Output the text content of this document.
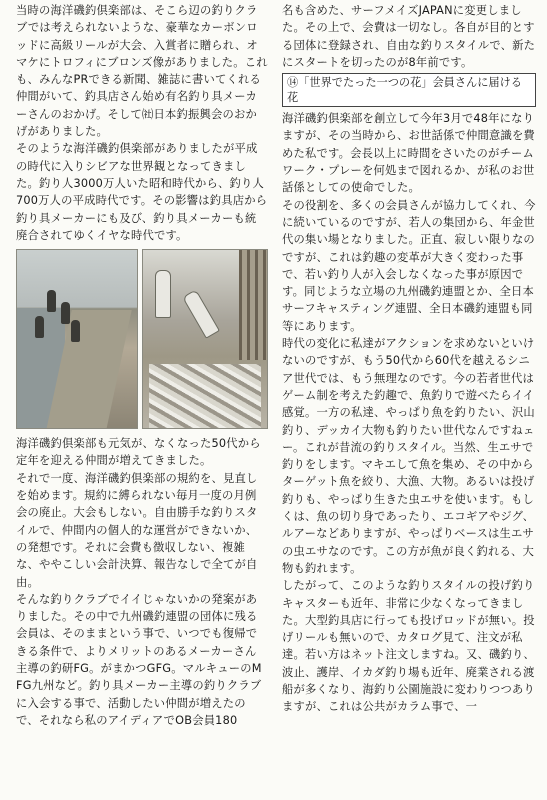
当時の海洋磯釣倶楽部は、そこら辺の釣りクラブでは考えられないような、豪華なカーボンロッドに高級リールが大会、入賞者に贈られ、オマケにトロフィにブロンズ像がありました。これも、みんなPRできる新聞、雑誌に書いてくれる仲間がいて、釣具店さん始め有名釣り具メーカーさんのおかげ。そして㈳日本釣振興会のおかげがありました。

そのような海洋磯釣倶楽部がありましたが平成の時代に入りシビアな世界観となってきました。釣り人3000万人いた昭和時代から、釣り人700万人の平成時代です。その影響は釣具店から釣り具メーカーにも及び、釣り具メーカーも統廃合されてゆくイヤな時代です。

海洋磯釣倶楽部も元気が、なくなった50代から定年を迎える仲間が増えてきました。

それで一度、海洋磯釣倶楽部の規約を、見直しを始めます。規約に縛られない毎月一度の月例会の廃止。大会もしない。自由勝手な釣りスタイルで、仲間内の個人的な運営ができないか、の発想です。それに会費も徴収しない、複雑な、ややこしい会計決算、報告なしで全てが自由。

そんな釣りクラブでイイじゃないかの発案がありました。その中で九州磯釣連盟の団体に残る会員は、そのままという事で、いつでも復帰できる条件で、よりメリットのあるメーカーさん主導の釣研FG。がまかつGFG。マルキューのMFG九州など。釣り具メーカー主導の釣りクラブに入会する事で、活動したい仲間が増えたので、それなら私のアイディアでOB会員180

名も含めた、サーフメイズJAPANに変更しました。その上で、会費は一切なし。各自が目的とする団体に登録され、自由な釣りスタイルで、新たにスタートを切ったのが8年前です。

⑭「世界でたった一つの花」会員さんに届ける花

海洋磯釣倶楽部を創立して今年3月で48年になりますが、その当時から、お世話係で仲間意識を費めた私です。会長以上に時間をさいたのがチームワーク・プレーを何処まで図れるか、が私のお世話係としての使命でした。

その役割を、多くの会員さんが協力してくれ、今に続いているのですが、若人の集団から、年金世代の集い場となりました。正直、寂しい限りなのですが、これは釣趣の変革が大きく変わった事で、若い釣り人が入会しなくなった事が原因です。同じような立場の九州磯釣連盟とか、全日本サーフキャスティング連盟、全日本磯釣連盟も同等にあります。

時代の変化に私達がアクションを求めないといけないのですが、もう50代から60代を越えるシニア世代では、もう無理なのです。今の若者世代はゲーム制を考えた釣趣で、魚釣りで遊べたらイイ感覚。一方の私達、やっぱり魚を釣りたい、沢山釣り、デッカイ大物も釣りたい世代なんですねェー。これが昔流の釣りスタイル。当然、生エサで釣りをします。マキエして魚を集め、その中からターゲット魚を絞り、大漁、大物。あるいは投げ釣りも、やっぱり生きた虫エサを使います。もしくは、魚の切り身であったり、エコギアやジグ、ルアーなどありますが、やっぱりベースは生エサの虫エサなのです。この方が魚が良く釣れる、大物も釣れます。

したがって、このような釣りスタイルの投げ釣りキャスターも近年、非常に少なくなってきました。大型釣具店に行っても投げロッドが無い。投げリールも無いので、カタログ見て、注文が私達。若い方はネット注文しますね。又、磯釣り、波止、護岸、イカダ釣り場も近年、廃業される渡船が多くなり、海釣り公園施設に変わりつつありますが、これは公共がカラム事で、一
